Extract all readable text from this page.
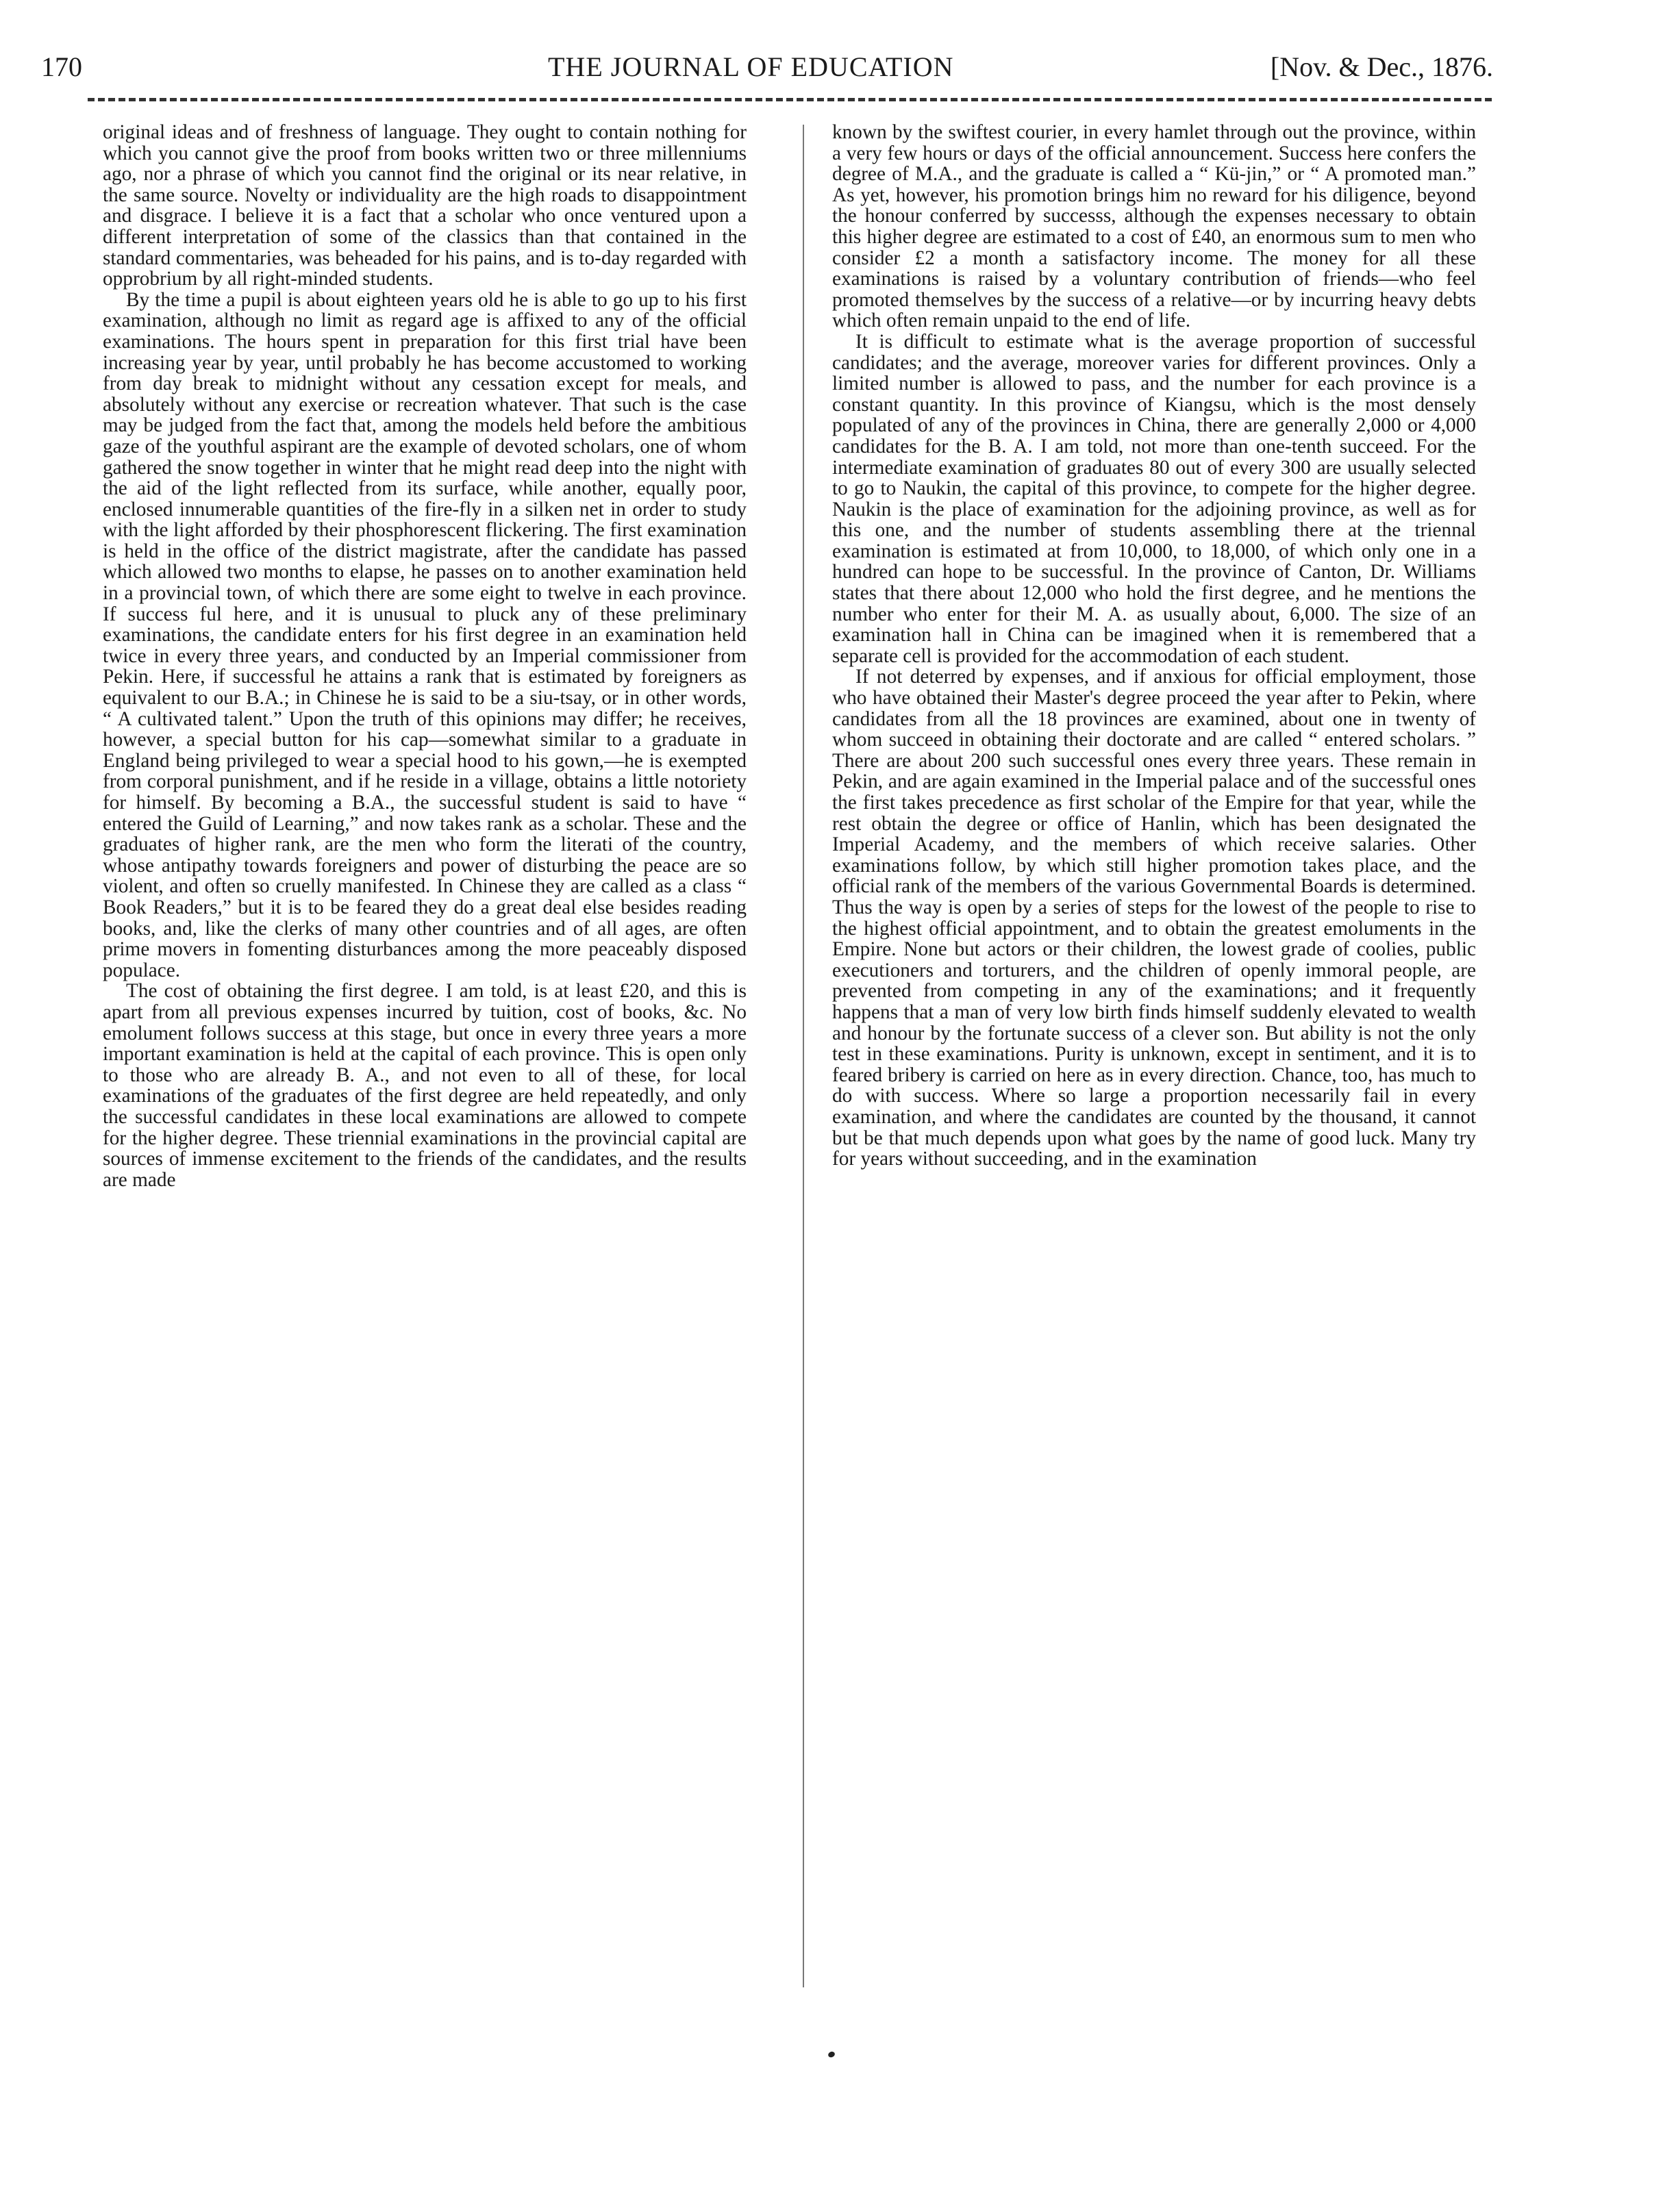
170	THE JOURNAL OF EDUCATION	[Nov. & Dec., 1876.

original ideas and of freshness of language. They ought to contain nothing for which you cannot give the proof from books written two or three millenniums ago, nor a phrase of which you cannot find the original or its near relative, in the same source. Novelty or individuality are the high roads to disappointment and disgrace. I believe it is a fact that a scholar who once ventured upon a different interpretation of some of the classics than that contained in the standard commentaries, was beheaded for his pains, and is to-day regarded with opprobrium by all right-minded students.

By the time a pupil is about eighteen years old he is able to go up to his first examination, although no limit as regard age is affixed to any of the official examinations. The hours spent in preparation for this first trial have been increasing year by year, until probably he has become accustomed to working from day break to midnight without any cessation except for meals, and absolutely without any exercise or recreation whatever. That such is the case may be judged from the fact that, among the models held before the ambitious gaze of the youthful aspirant are the example of devoted scholars, one of whom gathered the snow together in winter that he might read deep into the night with the aid of the light reflected from its surface, while another, equally poor, enclosed innumerable quantities of the fire-fly in a silken net in order to study with the light afforded by their phosphorescent flickering. The first examination is held in the office of the district magistrate, after the candidate has passed which allowed two months to elapse, he passes on to another examination held in a provincial town, of which there are some eight to twelve in each province. If success ful here, and it is unusual to pluck any of these preliminary examinations, the candidate enters for his first degree in an examination held twice in every three years, and conducted by an Imperial commissioner from Pekin. Here, if successful he attains a rank that is estimated by foreigners as equivalent to our B.A.; in Chinese he is said to be a siu-tsay, or in other words, “ A cultivated talent.” Upon the truth of this opinions may differ; he receives, however, a special button for his cap—somewhat similar to a graduate in England being privileged to wear a special hood to his gown,—he is exempted from corporal punishment, and if he reside in a village, obtains a little notoriety for himself. By becoming a B.A., the successful student is said to have “ entered the Guild of Learning,” and now takes rank as a scholar. These and the graduates of higher rank, are the men who form the literati of the country, whose antipathy towards foreigners and power of disturbing the peace are so violent, and often so cruelly manifested. In Chinese they are called as a class “ Book Readers,” but it is to be feared they do a great deal else besides reading books, and, like the clerks of many other countries and of all ages, are often prime movers in fomenting disturbances among the more peaceably disposed populace.

The cost of obtaining the first degree. I am told, is at least £20, and this is apart from all previous expenses incurred by tuition, cost of books, &c. No emolument follows success at this stage, but once in every three years a more important examination is held at the capital of each province. This is open only to those who are already B. A., and not even to all of these, for local examinations of the graduates of the first degree are held repeatedly, and only the successful candidates in these local examinations are allowed to compete for the higher degree. These triennial examinations in the provincial capital are sources of immense excitement to the friends of the candidates, and the results are made

known by the swiftest courier, in every hamlet through out the province, within a very few hours or days of the official announcement. Success here confers the degree of M.A., and the graduate is called a “ Kü-jin,” or “ A promoted man.” As yet, however, his promotion brings him no reward for his diligence, beyond the honour conferred by successs, although the expenses necessary to obtain this higher degree are estimated to a cost of £40, an enormous sum to men who consider £2 a month a satisfactory income. The money for all these examinations is raised by a voluntary contribution of friends—who feel promoted themselves by the success of a relative—or by incurring heavy debts which often remain unpaid to the end of life.

It is difficult to estimate what is the average proportion of successful candidates; and the average, moreover varies for different provinces. Only a limited number is allowed to pass, and the number for each province is a constant quantity. In this province of Kiangsu, which is the most densely populated of any of the provinces in China, there are generally 2,000 or 4,000 candidates for the B. A. I am told, not more than one-tenth succeed. For the intermediate examination of graduates 80 out of every 300 are usually selected to go to Naukin, the capital of this province, to compete for the higher degree. Naukin is the place of examination for the adjoining province, as well as for this one, and the number of students assembling there at the triennal examination is estimated at from 10,000, to 18,000, of which only one in a hundred can hope to be successful. In the province of Canton, Dr. Williams states that there about 12,000 who hold the first degree, and he mentions the number who enter for their M. A. as usually about, 6,000. The size of an examination hall in China can be imagined when it is remembered that a separate cell is provided for the accommodation of each student.

If not deterred by expenses, and if anxious for official employment, those who have obtained their Master's degree proceed the year after to Pekin, where candidates from all the 18 provinces are examined, about one in twenty of whom succeed in obtaining their doctorate and are called “ entered scholars. ” There are about 200 such successful ones every three years. These remain in Pekin, and are again examined in the Imperial palace and of the successful ones the first takes precedence as first scholar of the Empire for that year, while the rest obtain the degree or office of Hanlin, which has been designated the Imperial Academy, and the members of which receive salaries. Other examinations follow, by which still higher promotion takes place, and the official rank of the members of the various Governmental Boards is determined. Thus the way is open by a series of steps for the lowest of the people to rise to the highest official appointment, and to obtain the greatest emoluments in the Empire. None but actors or their children, the lowest grade of coolies, public executioners and torturers, and the children of openly immoral people, are prevented from competing in any of the examinations; and it frequently happens that a man of very low birth finds himself suddenly elevated to wealth and honour by the fortunate success of a clever son. But ability is not the only test in these examinations. Purity is unknown, except in sentiment, and it is to feared bribery is carried on here as in every direction. Chance, too, has much to do with success. Where so large a proportion necessarily fail in every examination, and where the candidates are counted by the thousand, it cannot but be that much depends upon what goes by the name of good luck. Many try for years without succeeding, and in the examination
